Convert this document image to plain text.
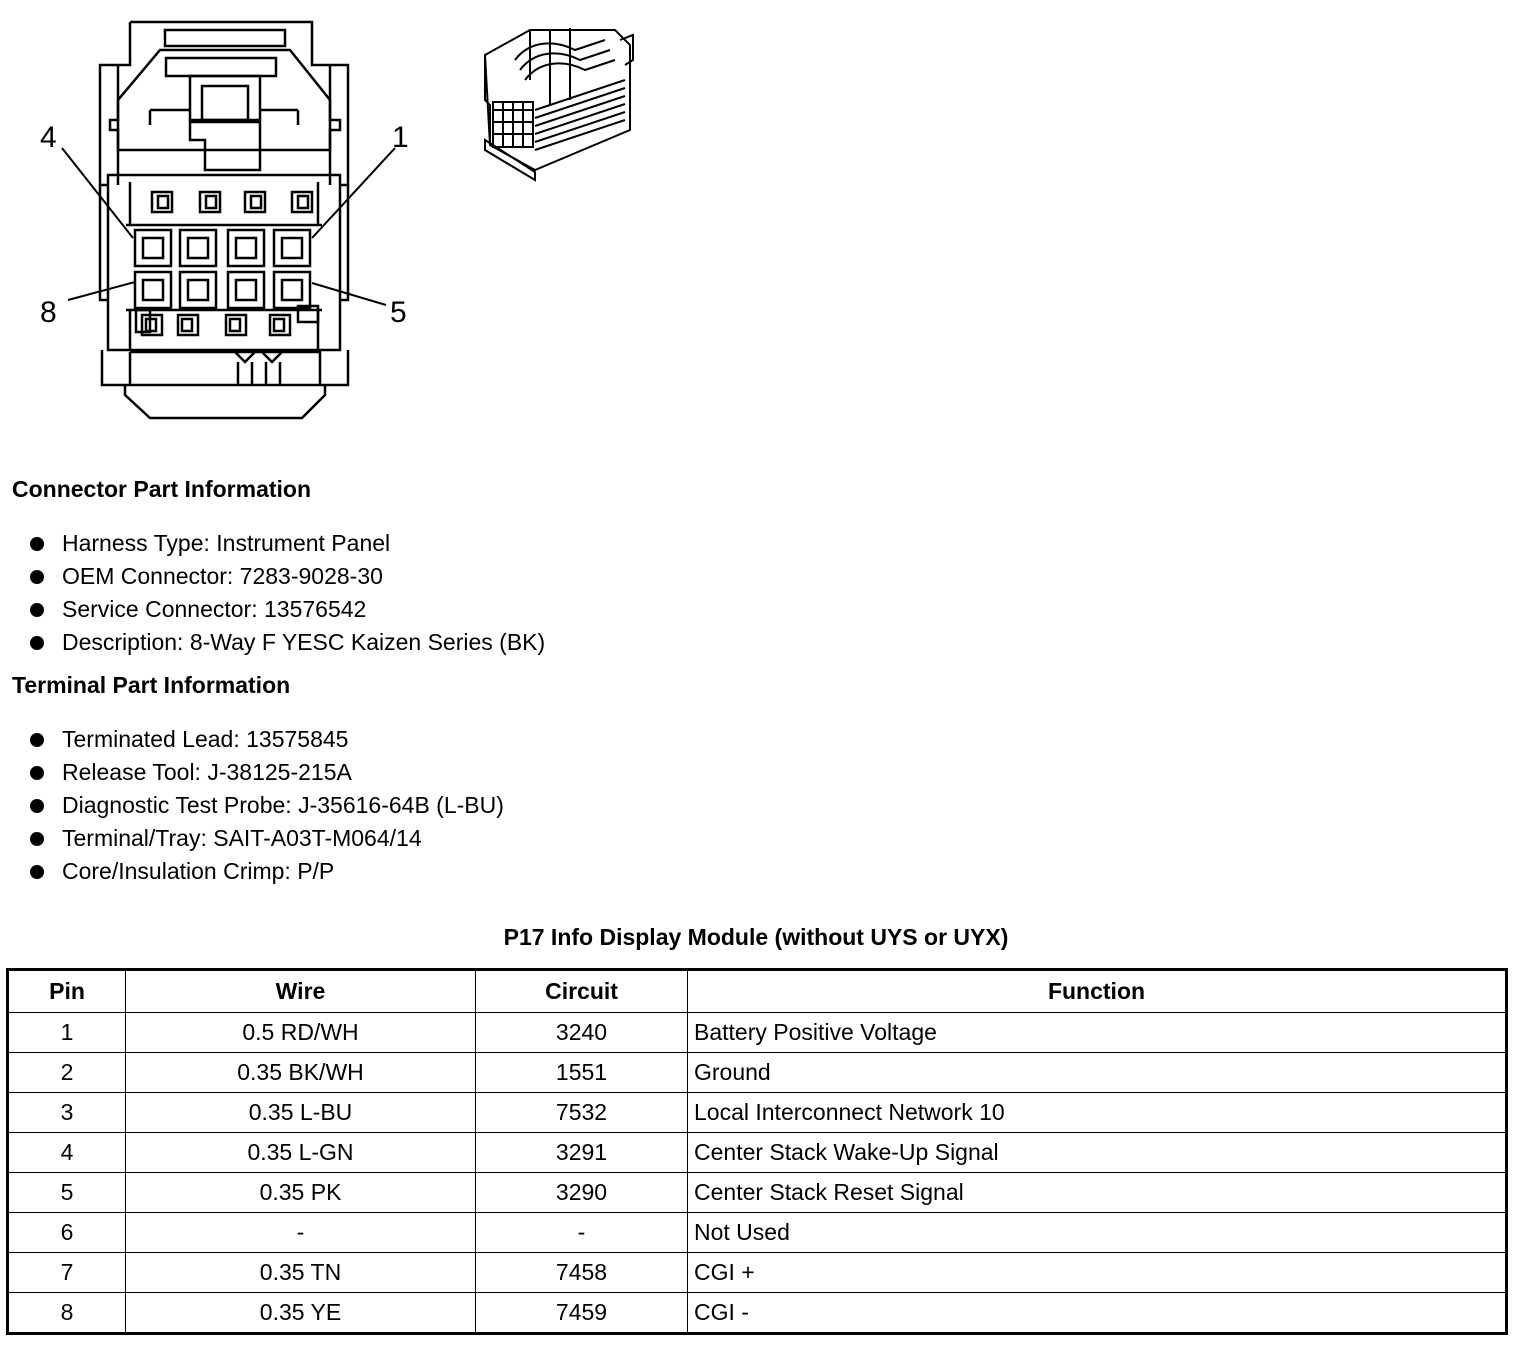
4	1
8	5
Connector Part Information
Harness Type: Instrument Panel
OEM Connector: 7283-9028-30
Service Connector: 13576542
Description: 8-Way F YESC Kaizen Series (BK)
Terminal Part Information
Terminated Lead: 13575845
Release Tool: J-38125-215A
Diagnostic Test Probe: J-35616-64B (L-BU)
Terminal/Tray: SAIT-A03T-M064/14
Core/Insulation Crimp: P/P
P17 Info Display Module (without UYS or UYX)
Pin	Wire	Circuit	Function
1	0.5 RD/WH	3240	Battery Positive Voltage
2	0.35 BK/WH	1551	Ground
3	0.35 L-BU	7532	Local Interconnect Network 10
4	0.35 L-GN	3291	Center Stack Wake-Up Signal
5	0.35 PK	3290	Center Stack Reset Signal
6	-	-	Not Used
7	0.35 TN	7458	CGI +
8	0.35 YE	7459	CGI -
